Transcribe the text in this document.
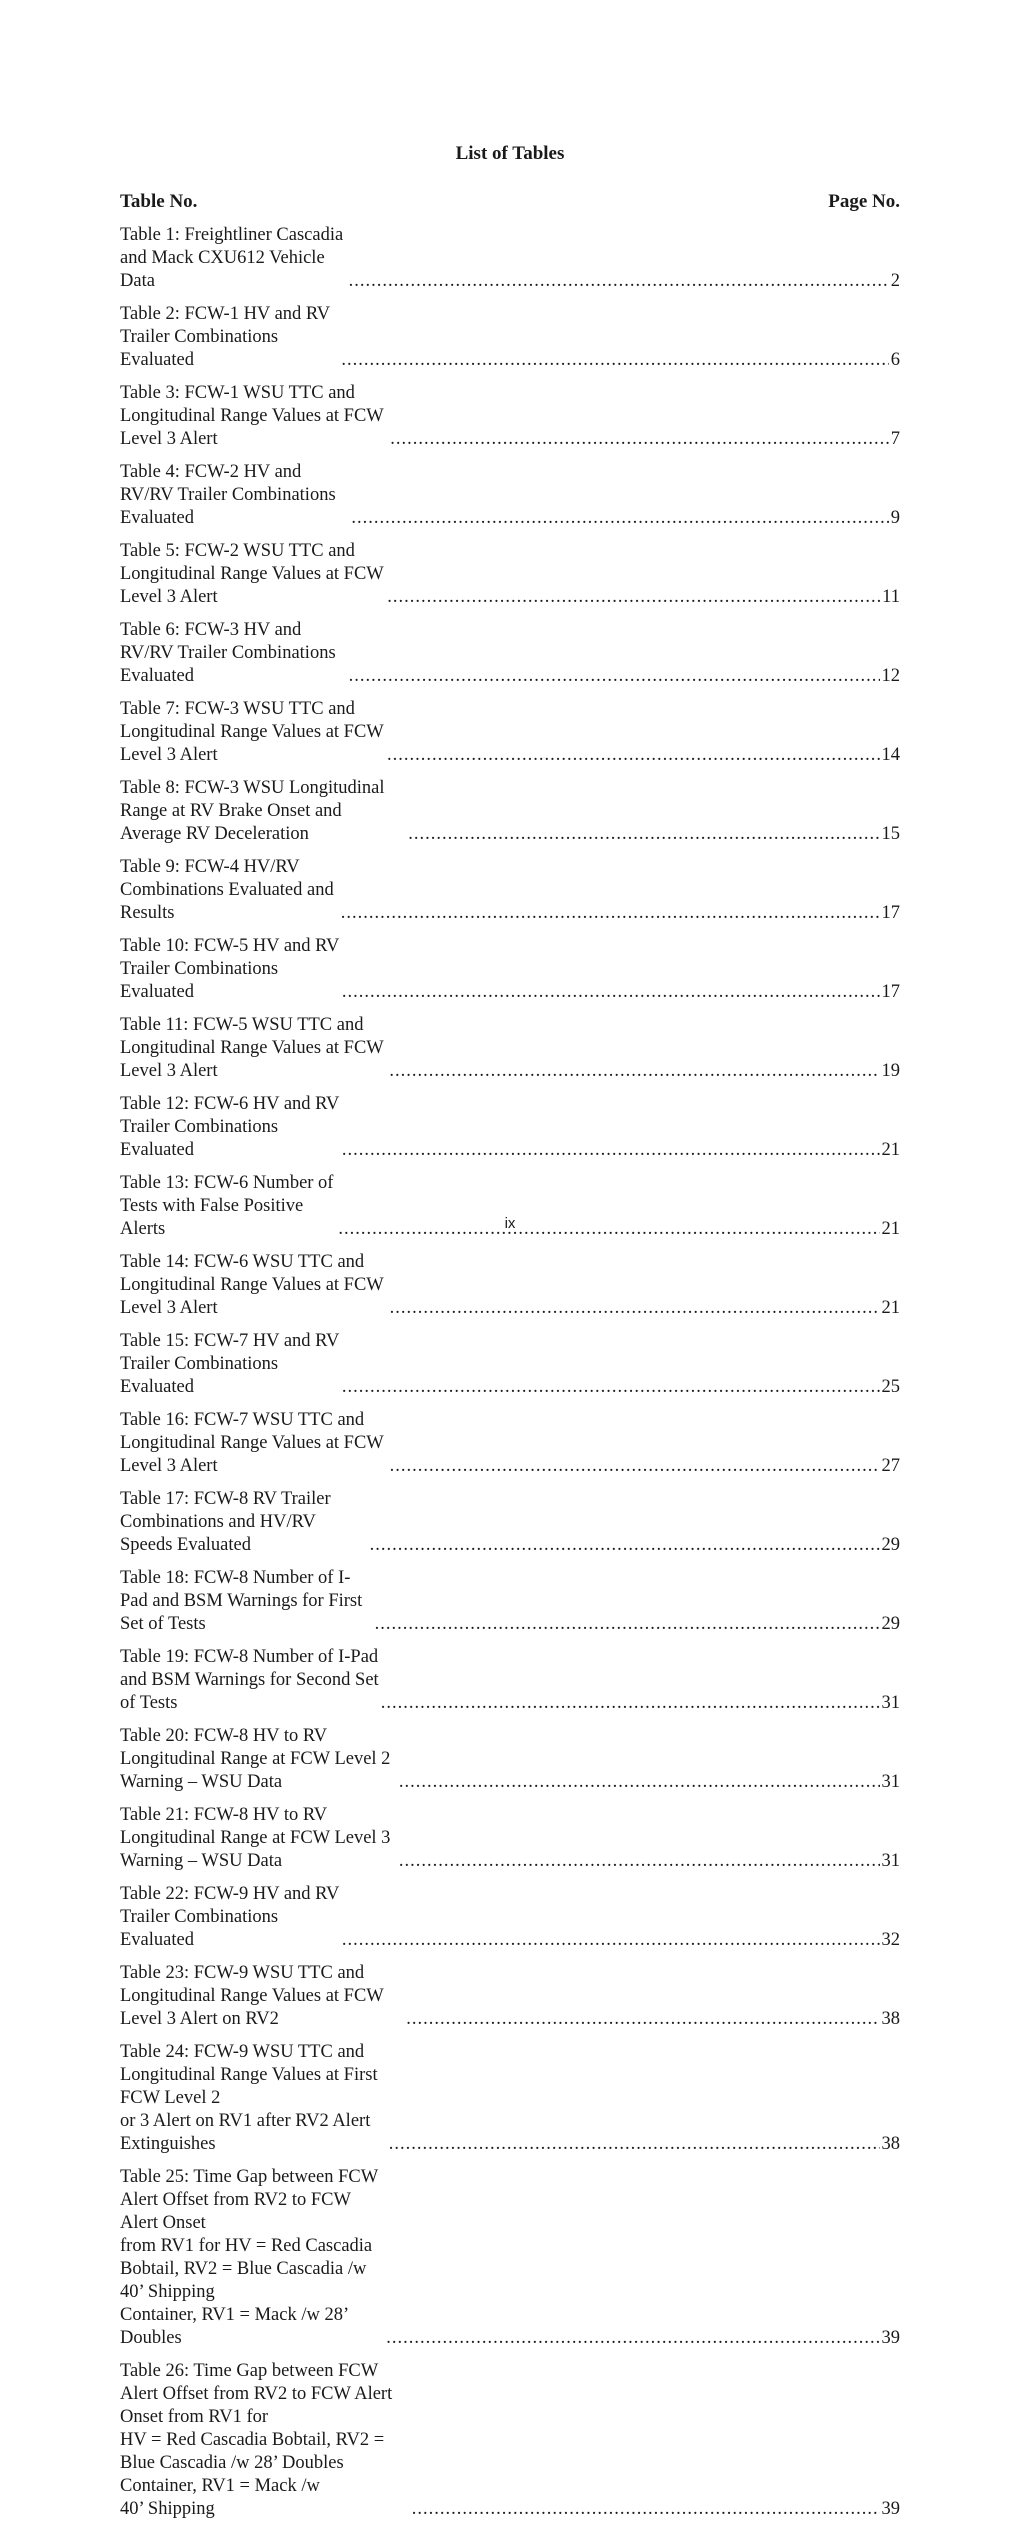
List of Tables
Table No.	Page No.
Table 1: Freightliner Cascadia and Mack CXU612 Vehicle Data .....	2
Table 2: FCW-1 HV and RV Trailer Combinations Evaluated .....	6
Table 3: FCW-1 WSU TTC and Longitudinal Range Values at FCW Level 3 Alert .....	7
Table 4: FCW-2 HV and RV/RV Trailer Combinations Evaluated .....	9
Table 5: FCW-2 WSU TTC and Longitudinal Range Values at FCW Level 3 Alert .....	11
Table 6: FCW-3 HV and RV/RV Trailer Combinations Evaluated .....	12
Table 7: FCW-3 WSU TTC and Longitudinal Range Values at FCW Level 3 Alert .....	14
Table 8: FCW-3 WSU Longitudinal Range at RV Brake Onset and Average RV Deceleration .....	15
Table 9: FCW-4 HV/RV Combinations Evaluated and Results .....	17
Table 10: FCW-5 HV and RV Trailer Combinations Evaluated .....	17
Table 11: FCW-5 WSU TTC and Longitudinal Range Values at FCW Level 3 Alert .....	19
Table 12: FCW-6 HV and RV Trailer Combinations Evaluated .....	21
Table 13: FCW-6 Number of Tests with False Positive Alerts .....	21
Table 14: FCW-6 WSU TTC and Longitudinal Range Values at FCW Level 3 Alert .....	21
Table 15: FCW-7 HV and RV Trailer Combinations Evaluated .....	25
Table 16: FCW-7 WSU TTC and Longitudinal Range Values at FCW Level 3 Alert .....	27
Table 17: FCW-8 RV Trailer Combinations and HV/RV Speeds Evaluated .....	29
Table 18: FCW-8 Number of I-Pad and BSM Warnings for First Set of Tests .....	29
Table 19: FCW-8 Number of I-Pad and BSM Warnings for Second Set of Tests .....	31
Table 20: FCW-8 HV to RV Longitudinal Range at FCW Level 2 Warning – WSU Data .....	31
Table 21: FCW-8 HV to RV Longitudinal Range at FCW Level 3 Warning – WSU Data .....	31
Table 22: FCW-9 HV and RV Trailer Combinations Evaluated .....	32
Table 23: FCW-9 WSU TTC and Longitudinal Range Values at FCW Level 3 Alert on RV2 .....	38
Table 24: FCW-9 WSU TTC and Longitudinal Range Values at First FCW Level 2
or 3 Alert on RV1 after RV2 Alert Extinguishes .....	38
Table 25: Time Gap between FCW Alert Offset from RV2 to FCW Alert Onset
from RV1 for HV = Red Cascadia Bobtail, RV2 = Blue Cascadia /w 40’ Shipping
Container, RV1 = Mack /w 28’ Doubles .....	39
Table 26: Time Gap between FCW Alert Offset from RV2 to FCW Alert Onset from RV1 for
HV = Red Cascadia Bobtail, RV2 = Blue Cascadia /w 28’ Doubles Container, RV1 = Mack /w
40’ Shipping .....	39
ix
